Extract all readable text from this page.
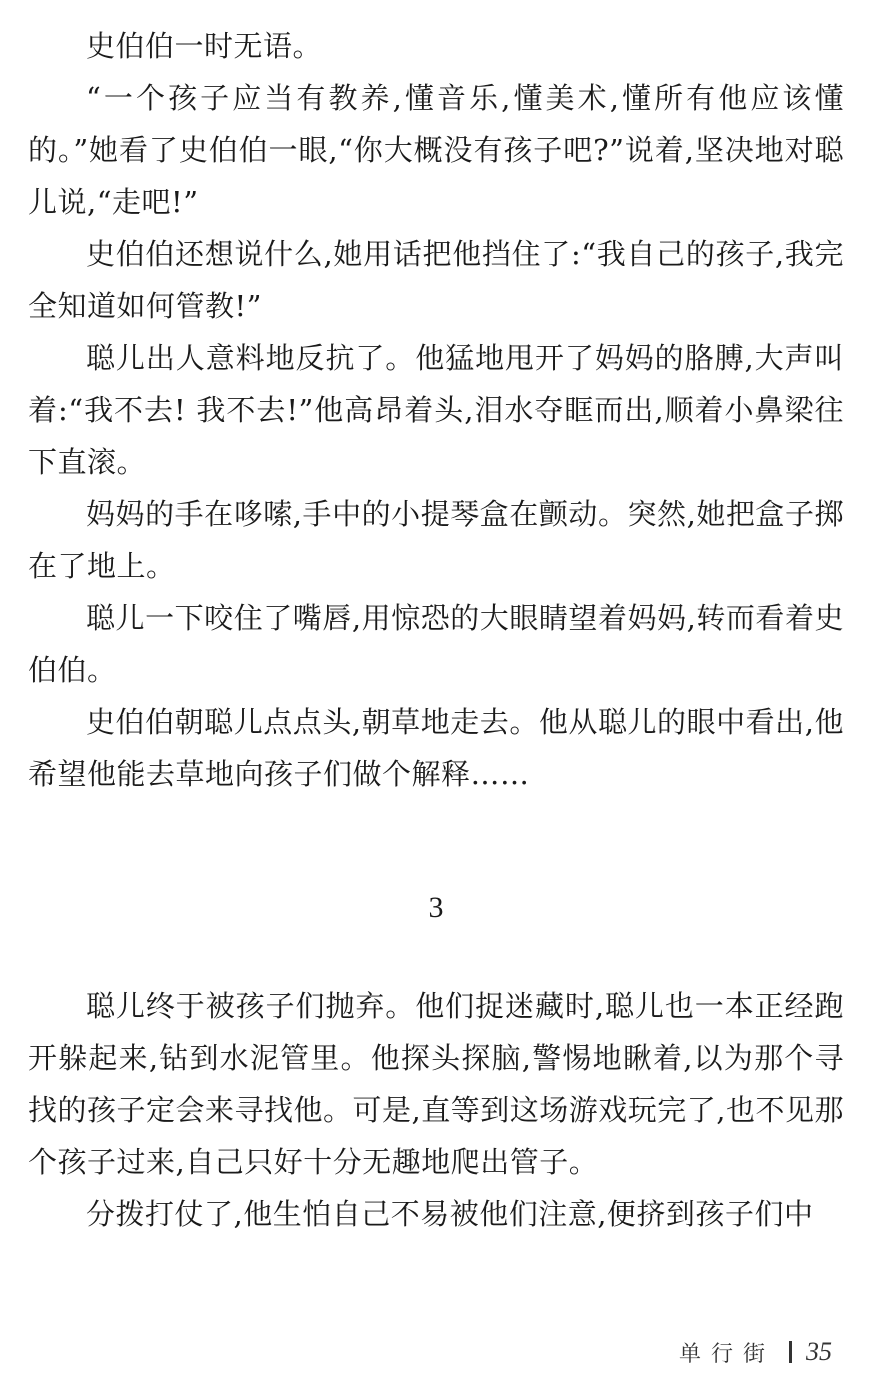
史伯伯一时无语。

“一个孩子应当有教养,懂音乐,懂美术,懂所有他应该懂的。”她看了史伯伯一眼,“你大概没有孩子吧?”说着,坚决地对聪儿说,“走吧!”

史伯伯还想说什么,她用话把他挡住了:“我自己的孩子,我完全知道如何管教!”

聪儿出人意料地反抗了。他猛地甩开了妈妈的胳膊,大声叫着:“我不去! 我不去!”他高昂着头,泪水夺眶而出,顺着小鼻梁往下直滚。

妈妈的手在哆嗦,手中的小提琴盒在颤动。突然,她把盒子掷在了地上。

聪儿一下咬住了嘴唇,用惊恐的大眼睛望着妈妈,转而看着史伯伯。

史伯伯朝聪儿点点头,朝草地走去。他从聪儿的眼中看出,他希望他能去草地向孩子们做个解释……

3

聪儿终于被孩子们抛弃。他们捉迷藏时,聪儿也一本正经跑开躲起来,钻到水泥管里。他探头探脑,警惕地瞅着,以为那个寻找的孩子定会来寻找他。可是,直等到这场游戏玩完了,也不见那个孩子过来,自己只好十分无趣地爬出管子。

分拨打仗了,他生怕自己不易被他们注意,便挤到孩子们中

单行街 35
